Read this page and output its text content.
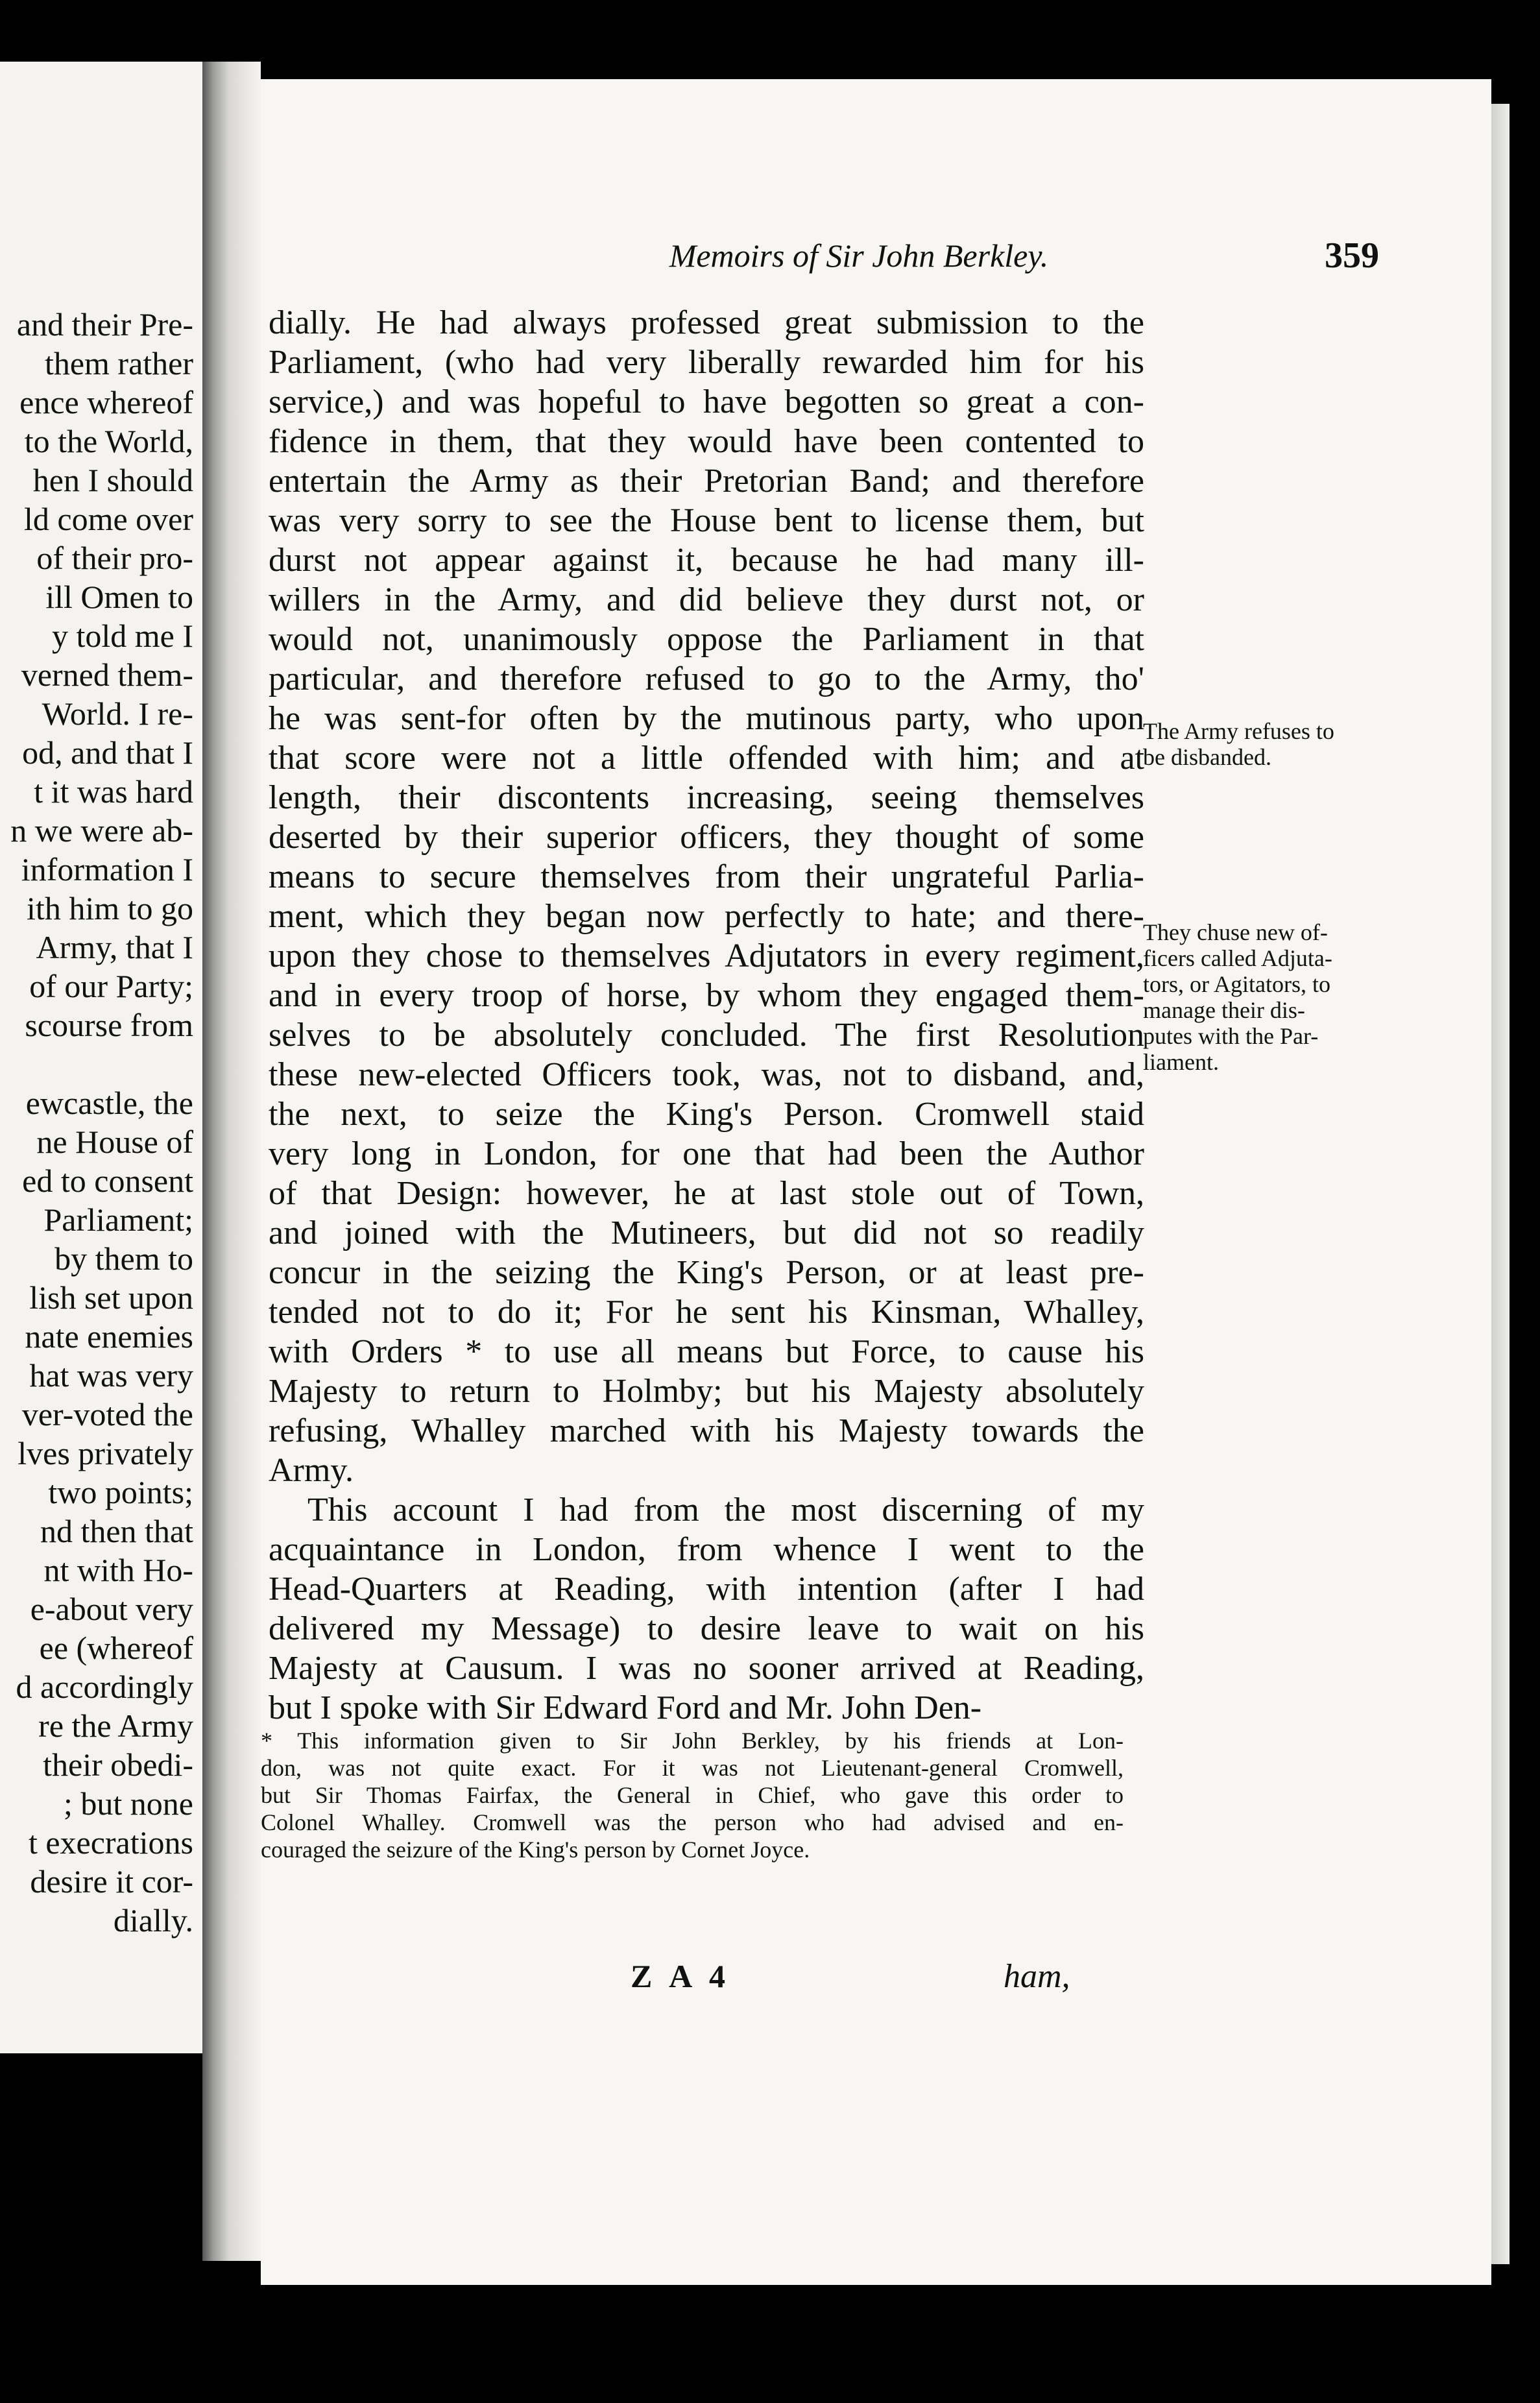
and their Pre-
them rather
ence whereof
to the World,
hen I should
ld come over
of their pro-
ill Omen to
y told me I
verned them-
World. I re-
od, and that I
t it was hard
n we were ab-
information I
ith him to go
Army, that I
of our Party;
scourse from
ewcastle, the
ne House of
ed to consent
Parliament;
by them to
lish set upon
nate enemies
hat was very
ver-voted the
lves privately
two points;
nd then that
nt with Ho-
e-about very
ee (whereof
d accordingly
re the Army
their obedi-
; but none
t execrations
desire it cor-
dially.
Memoirs of Sir John Berkley.	359
dially. He had always professed great submission to the
Parliament, (who had very liberally rewarded him for his
service,) and was hopeful to have begotten so great a con-
fidence in them, that they would have been contented to
entertain the Army as their Pretorian Band; and therefore
was very sorry to see the House bent to license them, but
durst not appear against it, because he had many ill-
willers in the Army, and did believe they durst not, or
would not, unanimously oppose the Parliament in that
particular, and therefore refused to go to the Army, tho'
he was sent-for often by the mutinous party, who upon
that score were not a little offended with him; and at
length, their discontents increasing, seeing themselves
deserted by their superior officers, they thought of some
means to secure themselves from their ungrateful Parlia-
ment, which they began now perfectly to hate; and there-
upon they chose to themselves Adjutators in every regiment,
and in every troop of horse, by whom they engaged them-
selves to be absolutely concluded. The first Resolution
these new-elected Officers took, was, not to disband, and,
the next, to seize the King's Person. Cromwell staid
very long in London, for one that had been the Author
of that Design: however, he at last stole out of Town,
and joined with the Mutineers, but did not so readily
concur in the seizing the King's Person, or at least pre-
tended not to do it; For he sent his Kinsman, Whalley,
with Orders * to use all means but Force, to cause his
Majesty to return to Holmby; but his Majesty absolutely
refusing, Whalley marched with his Majesty towards the
Army.
This account I had from the most discerning of my
acquaintance in London, from whence I went to the
Head-Quarters at Reading, with intention (after I had
delivered my Message) to desire leave to wait on his
Majesty at Causum. I was no sooner arrived at Reading,
but I spoke with Sir Edward Ford and Mr. John Den-
The Army refuses to
be disbanded.
They chuse new of-
ficers called Adjuta-
tors, or Agitators, to
manage their dis-
putes with the Par-
liament.
* This information given to Sir John Berkley, by his friends at Lon-
don, was not quite exact. For it was not Lieutenant-general Cromwell,
but Sir Thomas Fairfax, the General in Chief, who gave this order to
Colonel Whalley. Cromwell was the person who had advised and en-
couraged the seizure of the King's person by Cornet Joyce.
Z A 4	ham,
